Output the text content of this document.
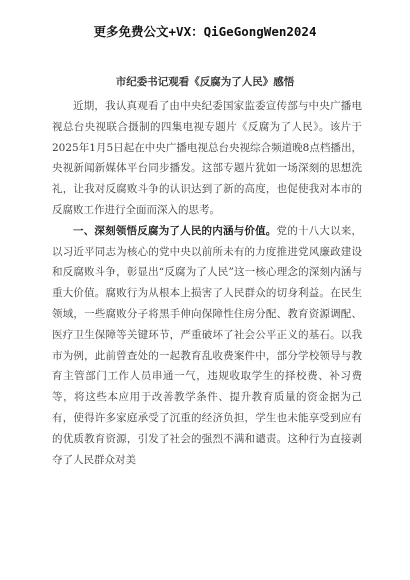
更多免费公文+VX：QiGeGongWen2024
市纪委书记观看《反腐为了人民》感悟

近期，我认真观看了由中央纪委国家监委宣传部与中央广播电视总台央视联合摄制的四集电视专题片《反腐为了人民》。该片于2025年1月5日起在中央广播电视总台央视综合频道晚8点档播出，央视新闻新媒体平台同步播发。这部专题片犹如一场深刻的思想洗礼，让我对反腐败斗争的认识达到了新的高度，也促使我对本市的反腐败工作进行全面而深入的思考。

一、深刻领悟反腐为了人民的内涵与价值。党的十八大以来，以习近平同志为核心的党中央以前所未有的力度推进党风廉政建设和反腐败斗争，彰显出“反腐为了人民”这一核心理念的深刻内涵与重大价值。腐败行为从根本上损害了人民群众的切身利益。在民生领域，一些腐败分子将黑手伸向保障性住房分配、教育资源调配、医疗卫生保障等关键环节，严重破坏了社会公平正义的基石。以我市为例，此前曾查处的一起教育乱收费案件中，部分学校领导与教育主管部门工作人员串通一气，违规收取学生的择校费、补习费等，将这些本应用于改善教学条件、提升教育质量的资金据为己有，使得许多家庭承受了沉重的经济负担，学生也未能享受到应有的优质教育资源，引发了社会的强烈不满和谴责。这种行为直接剥夺了人民群众对美
